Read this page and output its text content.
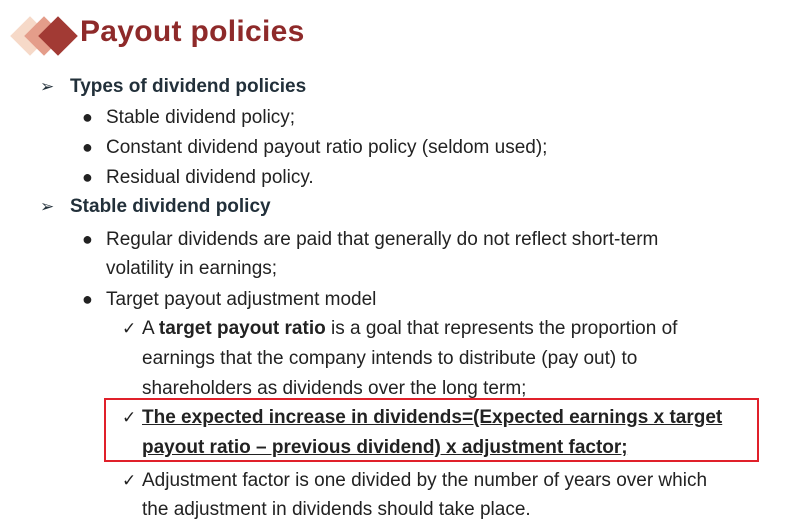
Payout policies
➢ Types of dividend policies
● Stable dividend policy;
● Constant dividend payout ratio policy (seldom used);
● Residual dividend policy.
➢ Stable dividend policy
● Regular dividends are paid that generally do not reflect short-term
volatility in earnings;
● Target payout adjustment model
✓ A target payout ratio is a goal that represents the proportion of
earnings that the company intends to distribute (pay out) to
shareholders as dividends over the long term;
✓ The expected increase in dividends=(Expected earnings x target
payout ratio – previous dividend) x adjustment factor;
✓ Adjustment factor is one divided by the number of years over which
the adjustment in dividends should take place.
